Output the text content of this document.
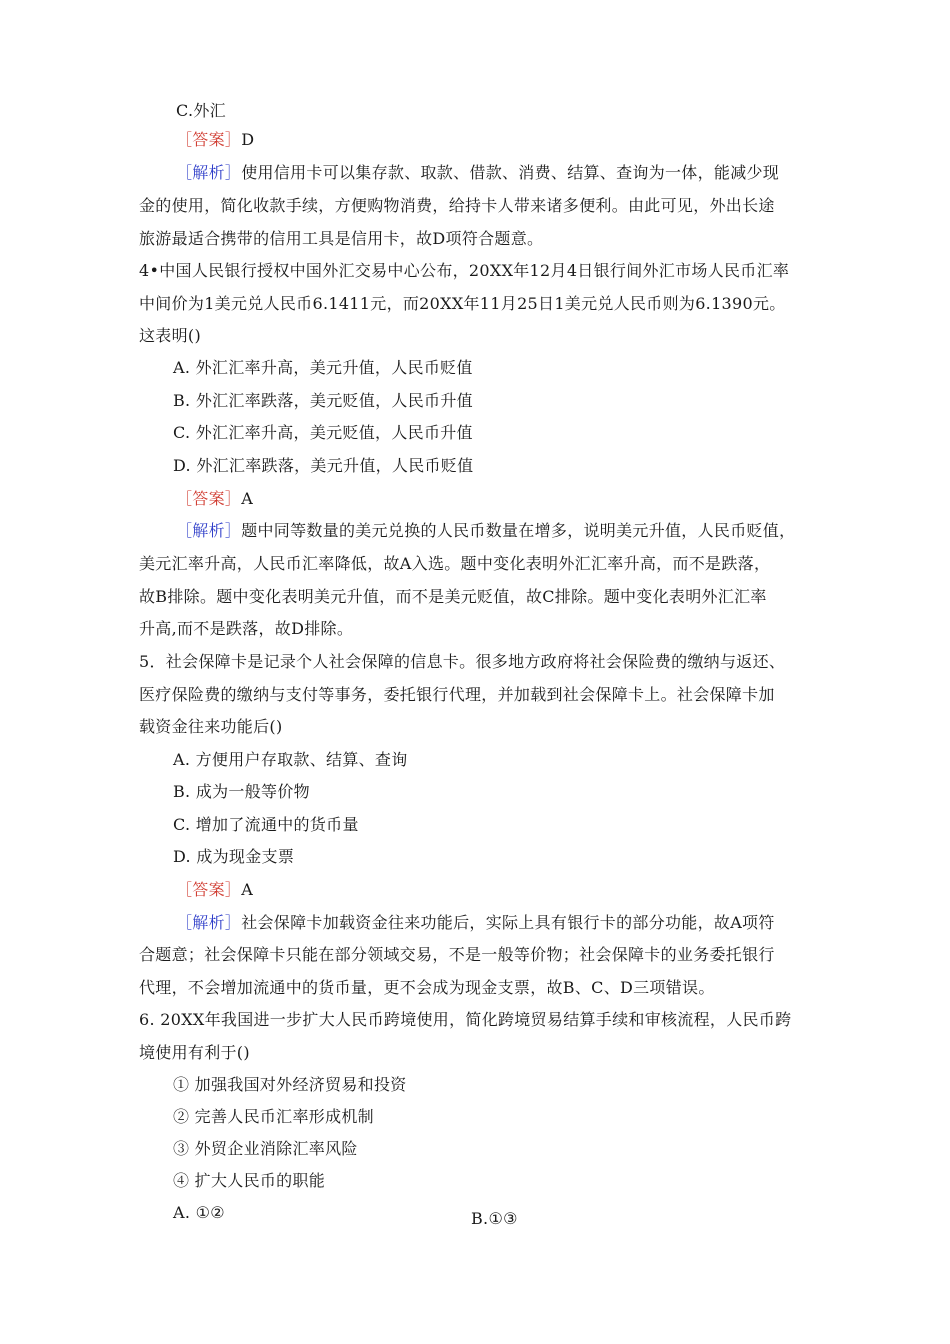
C.外汇
［答案］D
［解析］使用信用卡可以集存款、取款、借款、消费、结算、查询为一体，能减少现
金的使用，简化收款手续，方便购物消费，给持卡人带来诸多便利。由此可见，外出长途
旅游最适合携带的信用工具是信用卡，故D项符合题意。
4•中国人民银行授权中国外汇交易中心公布，20XX年12月4日银行间外汇市场人民币汇率
中间价为1美元兑人民币6.1411元，而20XX年11月25日1美元兑人民币则为6.1390元。
这表明()
A. 外汇汇率升高，美元升值，人民币贬值
B. 外汇汇率跌落，美元贬值，人民币升值
C. 外汇汇率升高，美元贬值，人民币升值
D. 外汇汇率跌落，美元升值，人民币贬值
［答案］A
［解析］题中同等数量的美元兑换的人民币数量在增多，说明美元升值，人民币贬值，
美元汇率升高，人民币汇率降低，故A入选。题中变化表明外汇汇率升高，而不是跌落，
故B排除。题中变化表明美元升值，而不是美元贬值，故C排除。题中变化表明外汇汇率
升高,而不是跌落，故D排除。
5．社会保障卡是记录个人社会保障的信息卡。很多地方政府将社会保险费的缴纳与返还、
医疗保险费的缴纳与支付等事务，委托银行代理，并加载到社会保障卡上。社会保障卡加
载资金往来功能后()
A. 方便用户存取款、结算、查询
B. 成为一般等价物
C. 增加了流通中的货币量
D. 成为现金支票
［答案］A
［解析］社会保障卡加载资金往来功能后，实际上具有银行卡的部分功能，故A项符
合题意；社会保障卡只能在部分领域交易，不是一般等价物；社会保障卡的业务委托银行
代理，不会增加流通中的货币量，更不会成为现金支票，故B、C、D三项错误。
6. 20XX年我国进一步扩大人民币跨境使用，简化跨境贸易结算手续和审核流程，人民币跨
境使用有利于()
① 加强我国对外经济贸易和投资
② 完善人民币汇率形成机制
③ 外贸企业消除汇率风险
④ 扩大人民币的职能
A. ①②	B.①③
